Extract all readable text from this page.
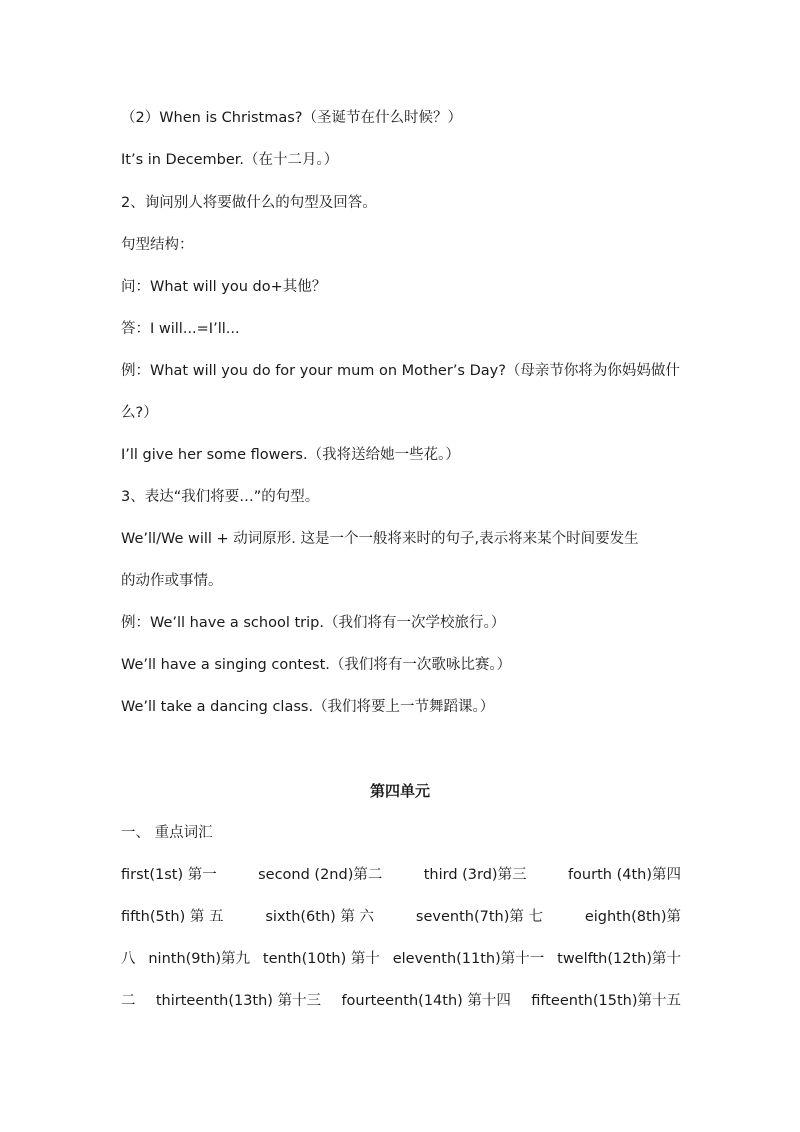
（2）When is Christmas?（圣诞节在什么时候？）
It’s in December.（在十二月。）
2、询问别人将要做什么的句型及回答。
句型结构：
问：What will you do+其他？
答：I will...=I’ll...
例：What will you do for your mum on Mother’s Day?（母亲节你将为你妈妈做什
么?）
I’ll give her some flowers.（我将送给她一些花。）
3、表达“我们将要…”的句型。
We’ll/We will + 动词原形. 这是一个一般将来时的句子,表示将来某个时间要发生
的动作或事情。
例：We’ll have a school trip.（我们将有一次学校旅行。）
We’ll have a singing contest.（我们将有一次歌咏比赛。）
We’ll take a dancing class.（我们将要上一节舞蹈课。）
第四单元
一、 重点词汇
first(1st) 第一	second (2nd)第二	third (3rd)第三	fourth (4th)第四
fifth(5th) 第 五	sixth(6th) 第 六	seventh(7th)第 七	eighth(8th)第
八 ninth(9th)第九 tenth(10th) 第十 eleventh(11th)第十一 twelfth(12th)第十
二 thirteenth(13th) 第十三 fourteenth(14th) 第十四 fifteenth(15th)第十五
